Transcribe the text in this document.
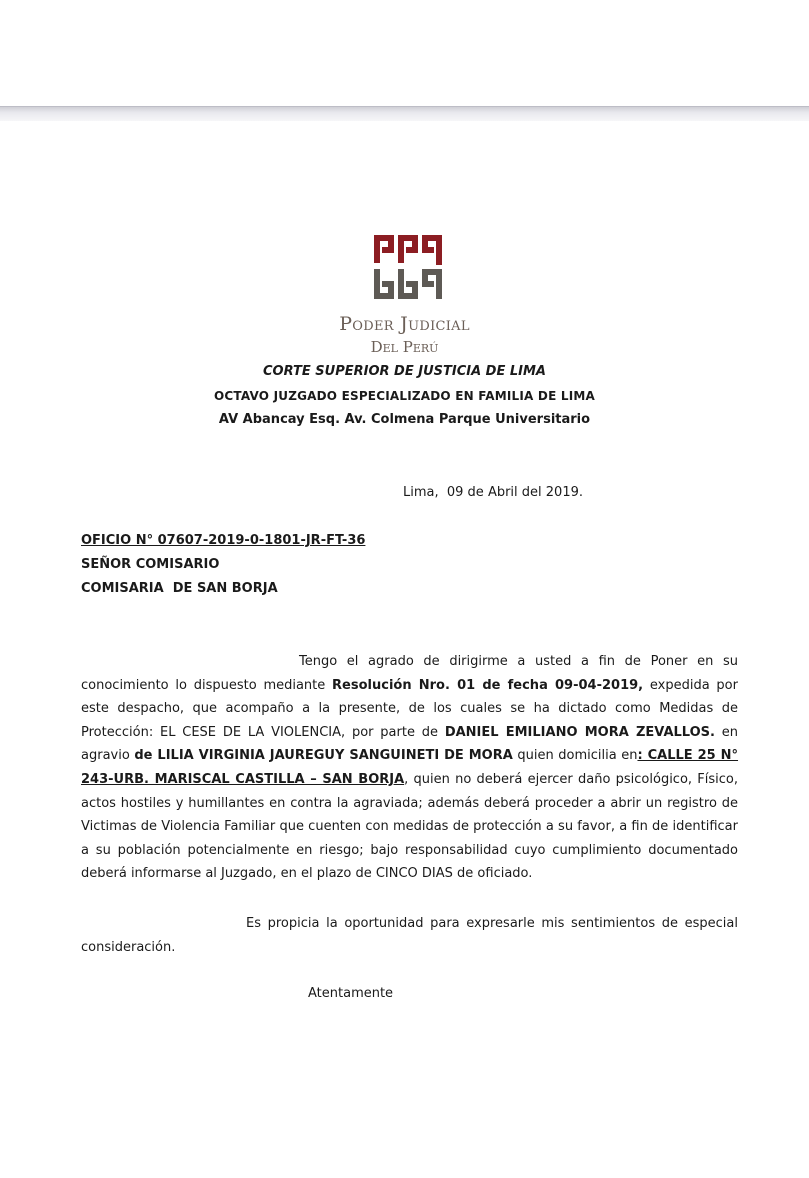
Poder Judicial
Del Perú
CORTE SUPERIOR DE JUSTICIA DE LIMA
OCTAVO JUZGADO ESPECIALIZADO EN FAMILIA DE LIMA
AV Abancay Esq. Av. Colmena Parque Universitario
Lima,  09 de Abril del 2019.
OFICIO N° 07607-2019-0-1801-JR-FT-36
SEÑOR COMISARIO
COMISARIA  DE SAN BORJA

Tengo el agrado de dirigirme a usted a fin de Poner en su conocimiento lo dispuesto mediante Resolución Nro. 01 de fecha 09-04-2019, expedida por este despacho, que acompaño a la presente, de los cuales se ha dictado como Medidas de Protección: EL CESE DE LA VIOLENCIA, por parte de DANIEL EMILIANO MORA ZEVALLOS. en agravio de LILIA VIRGINIA JAUREGUY SANGUINETI DE MORA quien domicilia en: CALLE 25 N° 243-URB. MARISCAL CASTILLA – SAN BORJA, quien no deberá ejercer daño psicológico, Físico, actos hostiles y humillantes en contra la agraviada; además deberá proceder a abrir un registro de Victimas de Violencia Familiar que cuenten con medidas de protección a su favor, a fin de identificar a su población potencialmente en riesgo; bajo responsabilidad cuyo cumplimiento documentado deberá informarse al Juzgado, en el plazo de CINCO DIAS de oficiado.

Es propicia la oportunidad para expresarle mis sentimientos de especial consideración.
Atentamente
